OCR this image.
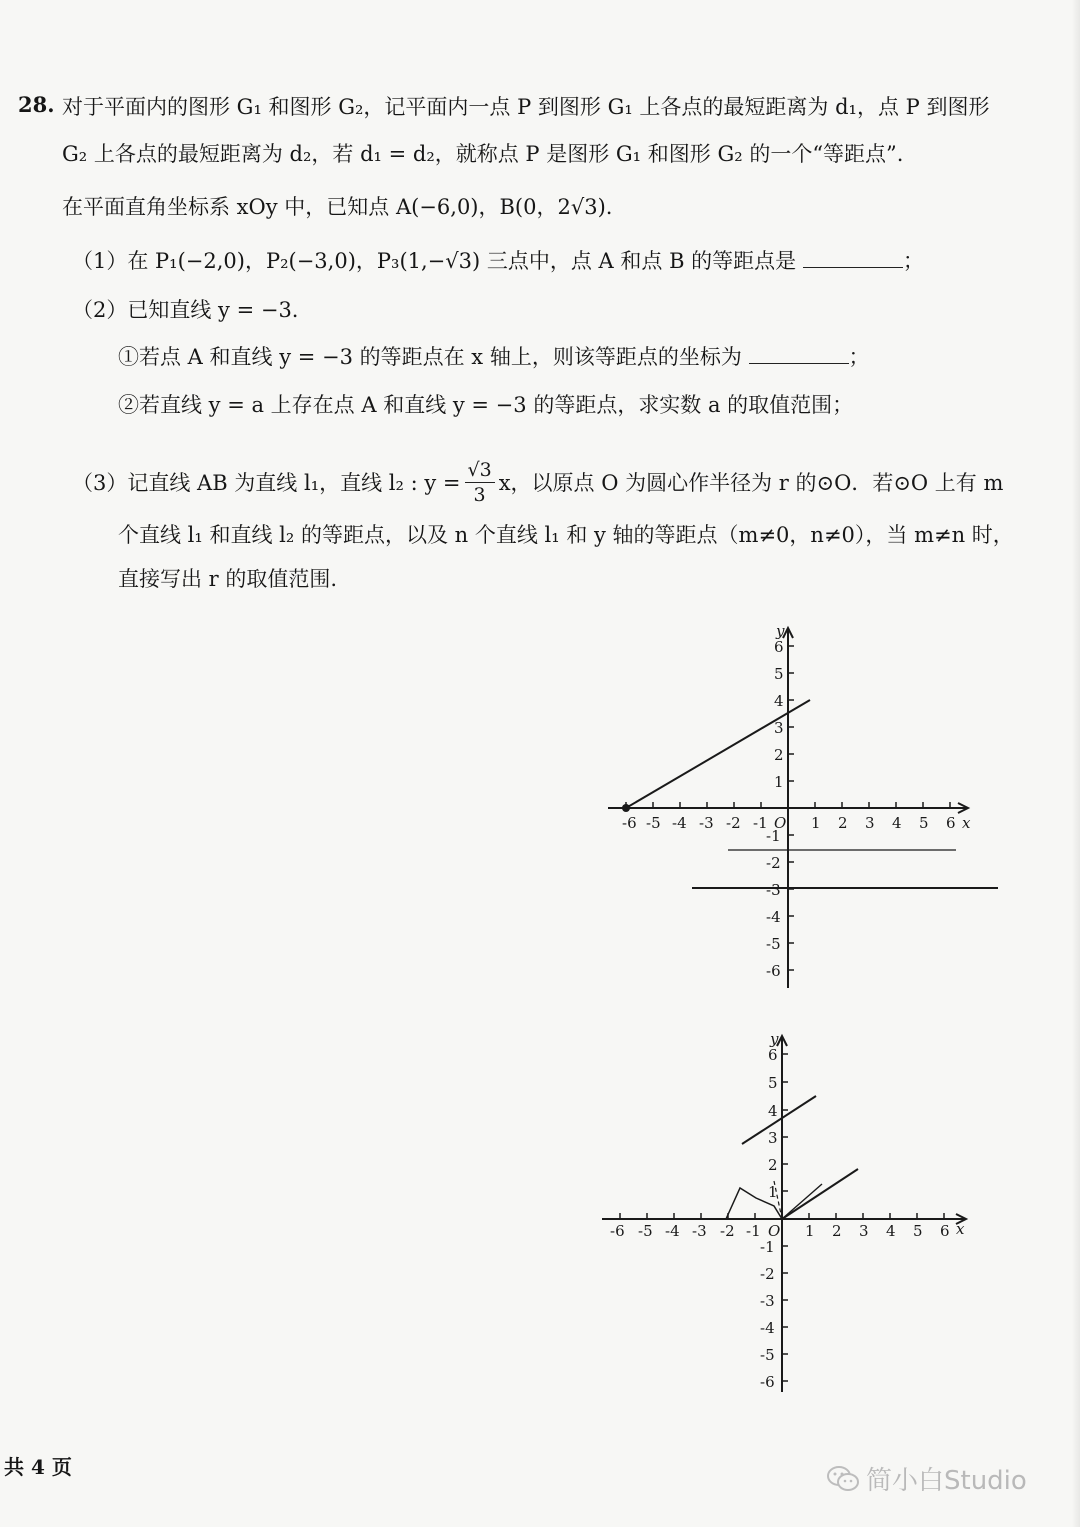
28. 对于平面内的图形 G₁ 和图形 G₂，记平面内一点 P 到图形 G₁ 上各点的最短距离为 d₁，点 P 到图形
G₂ 上各点的最短距离为 d₂，若 d₁ = d₂，就称点 P 是图形 G₁ 和图形 G₂ 的一个“等距点”.
在平面直角坐标系 xOy 中，已知点 A(−6,0)，B(0，2√3).
（1）在 P₁(−2,0)，P₂(−3,0)，P₃(1,−√3) 三点中，点 A 和点 B 的等距点是	；
（2）已知直线 y = −3.
①若点 A 和直线 y = −3 的等距点在 x 轴上，则该等距点的坐标为	；
②若直线 y = a 上存在点 A 和直线 y = −3 的等距点，求实数 a 的取值范围；
（3）记直线 AB 为直线 l₁，直线 l₂ : $y = \frac{√3}{3}$ x，以原点 O 为圆心作半径为 r 的⊙O．若⊙O 上有 m
个直线 l₁ 和直线 l₂ 的等距点，以及 n 个直线 l₁ 和 y 轴的等距点（m≠0，n≠0），当 m≠n 时，
直接写出 r 的取值范围.
-6 -5 -4 -3 -2 -1 O 1 2 3 4 5 6 x
y
6
5
4
3
2
1
-1
-2
-3
-4
-5
-6
-6 -5 -4 -3 -2 -1 O 1 2 3 4 5 6 x
y
6
5
4
3
2
1
-1
-2
-3
-4
-5
-6
共 4 页	简小白Studio
